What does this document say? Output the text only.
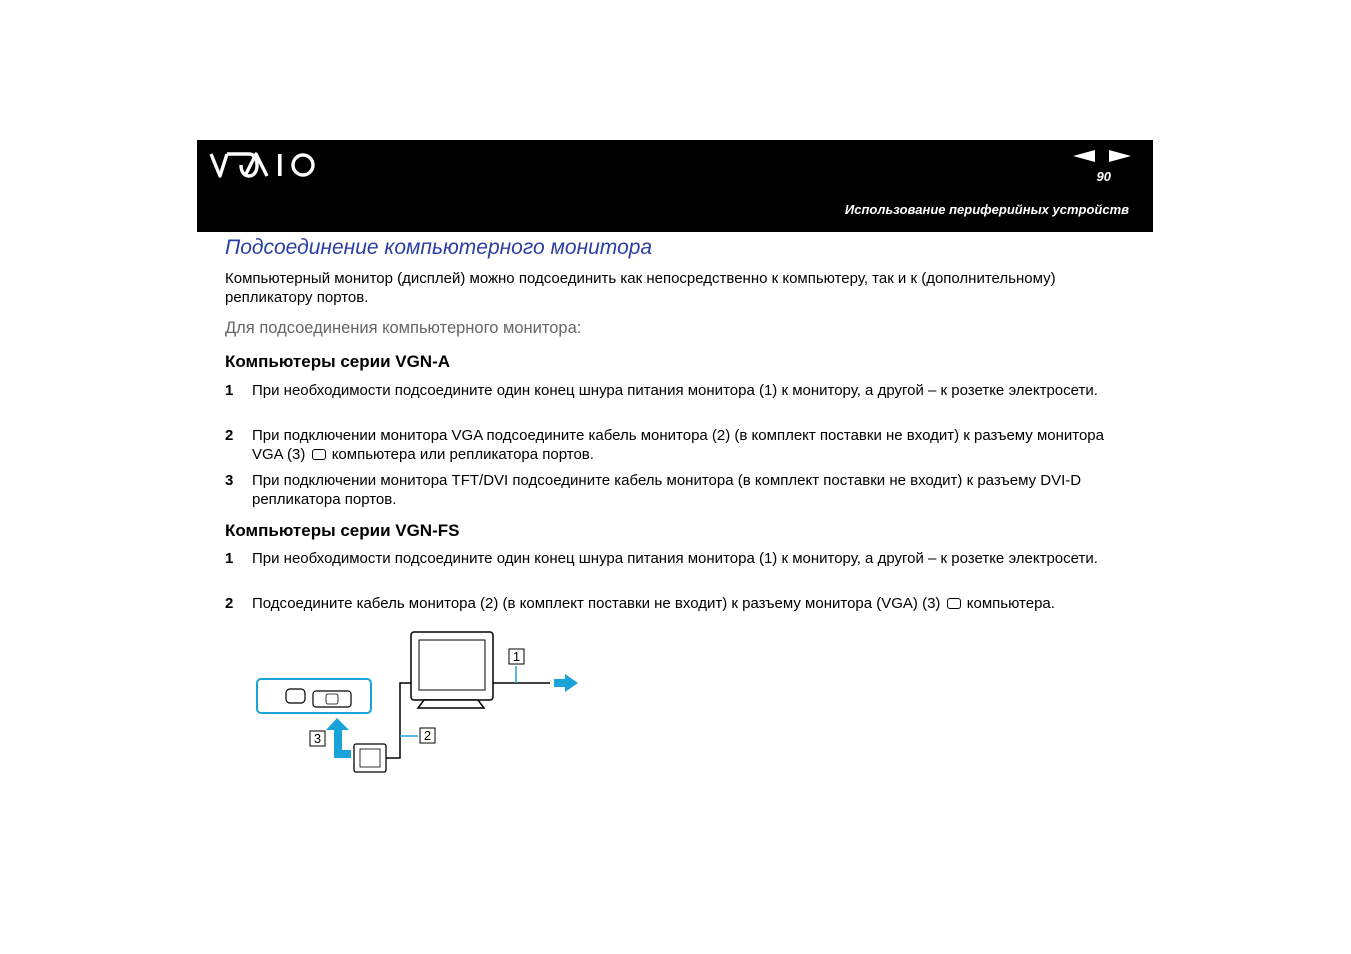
90
Использование периферийных устройств
Подсоединение компьютерного монитора
Компьютерный монитор (дисплей) можно подсоединить как непосредственно к компьютеру, так и к (дополнительному) репликатору портов.
Для подсоединения компьютерного монитора:
Компьютеры серии VGN-A
1 При необходимости подсоедините один конец шнура питания монитора (1) к монитору, а другой – к розетке электросети.
2 При подключении монитора VGA подсоедините кабель монитора (2) (в комплект поставки не входит) к разъему монитора VGA (3) компьютера или репликатора портов.
3 При подключении монитора TFT/DVI подсоедините кабель монитора (в комплект поставки не входит) к разъему DVI-D репликатора портов.
Компьютеры серии VGN-FS
1 При необходимости подсоедините один конец шнура питания монитора (1) к монитору, а другой – к розетке электросети.
2 Подсоедините кабель монитора (2) (в комплект поставки не входит) к разъему монитора (VGA) (3) компьютера.
1
2
3
